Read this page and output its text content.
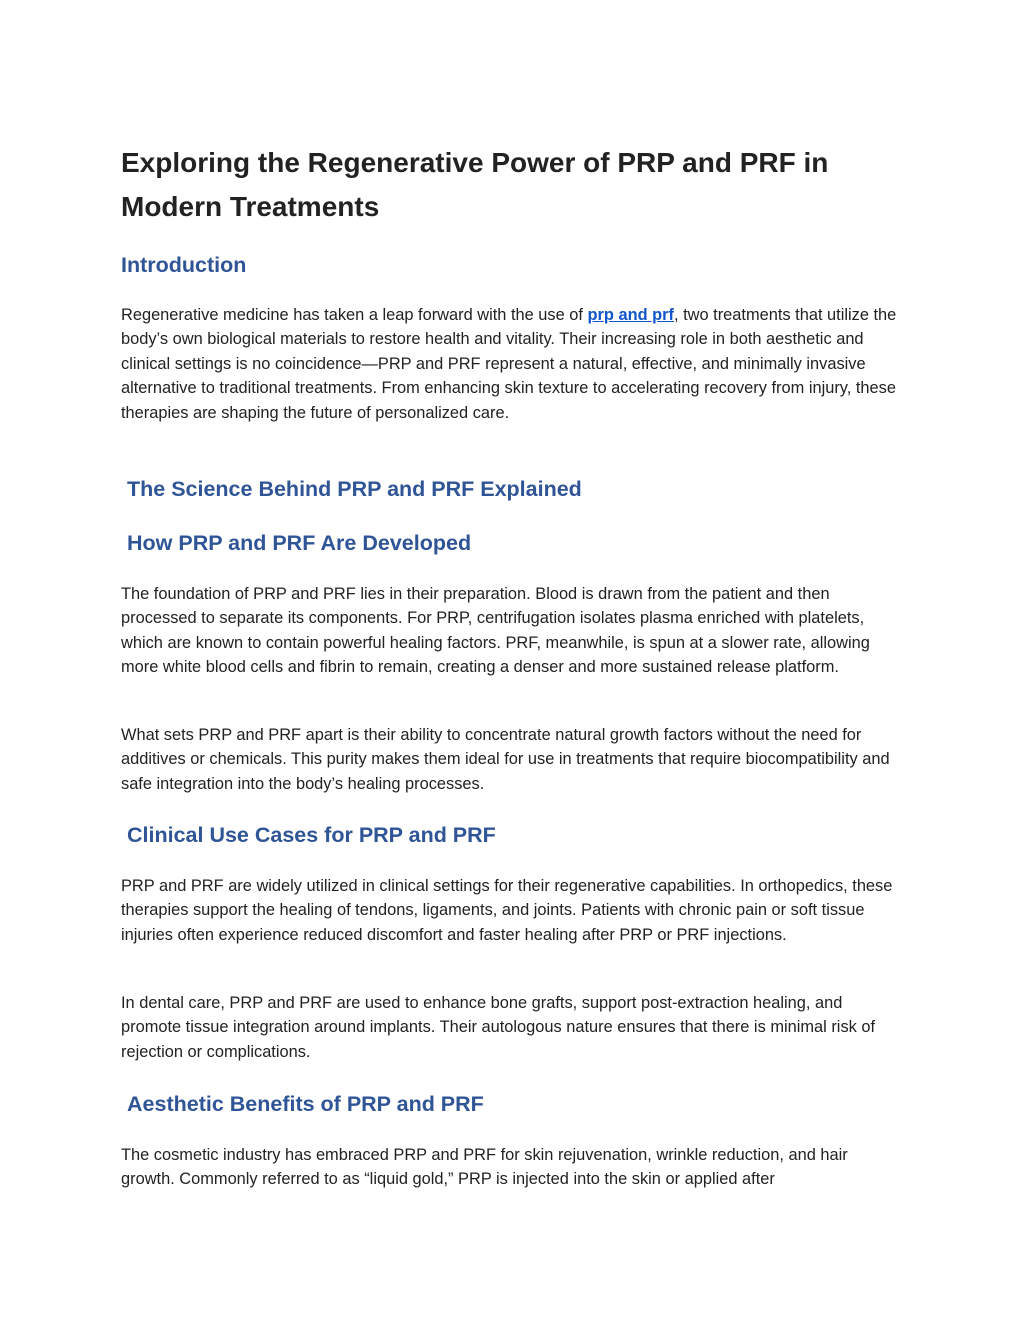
Exploring the Regenerative Power of PRP and PRF in Modern Treatments
Introduction

Regenerative medicine has taken a leap forward with the use of prp and prf, two treatments that utilize the body’s own biological materials to restore health and vitality. Their increasing role in both aesthetic and clinical settings is no coincidence—PRP and PRF represent a natural, effective, and minimally invasive alternative to traditional treatments. From enhancing skin texture to accelerating recovery from injury, these therapies are shaping the future of personalized care.

The Science Behind PRP and PRF Explained
How PRP and PRF Are Developed

The foundation of PRP and PRF lies in their preparation. Blood is drawn from the patient and then processed to separate its components. For PRP, centrifugation isolates plasma enriched with platelets, which are known to contain powerful healing factors. PRF, meanwhile, is spun at a slower rate, allowing more white blood cells and fibrin to remain, creating a denser and more sustained release platform.

What sets PRP and PRF apart is their ability to concentrate natural growth factors without the need for additives or chemicals. This purity makes them ideal for use in treatments that require biocompatibility and safe integration into the body’s healing processes.

Clinical Use Cases for PRP and PRF

PRP and PRF are widely utilized in clinical settings for their regenerative capabilities. In orthopedics, these therapies support the healing of tendons, ligaments, and joints. Patients with chronic pain or soft tissue injuries often experience reduced discomfort and faster healing after PRP or PRF injections.

In dental care, PRP and PRF are used to enhance bone grafts, support post-extraction healing, and promote tissue integration around implants. Their autologous nature ensures that there is minimal risk of rejection or complications.

Aesthetic Benefits of PRP and PRF

The cosmetic industry has embraced PRP and PRF for skin rejuvenation, wrinkle reduction, and hair growth. Commonly referred to as “liquid gold,” PRP is injected into the skin or applied after
